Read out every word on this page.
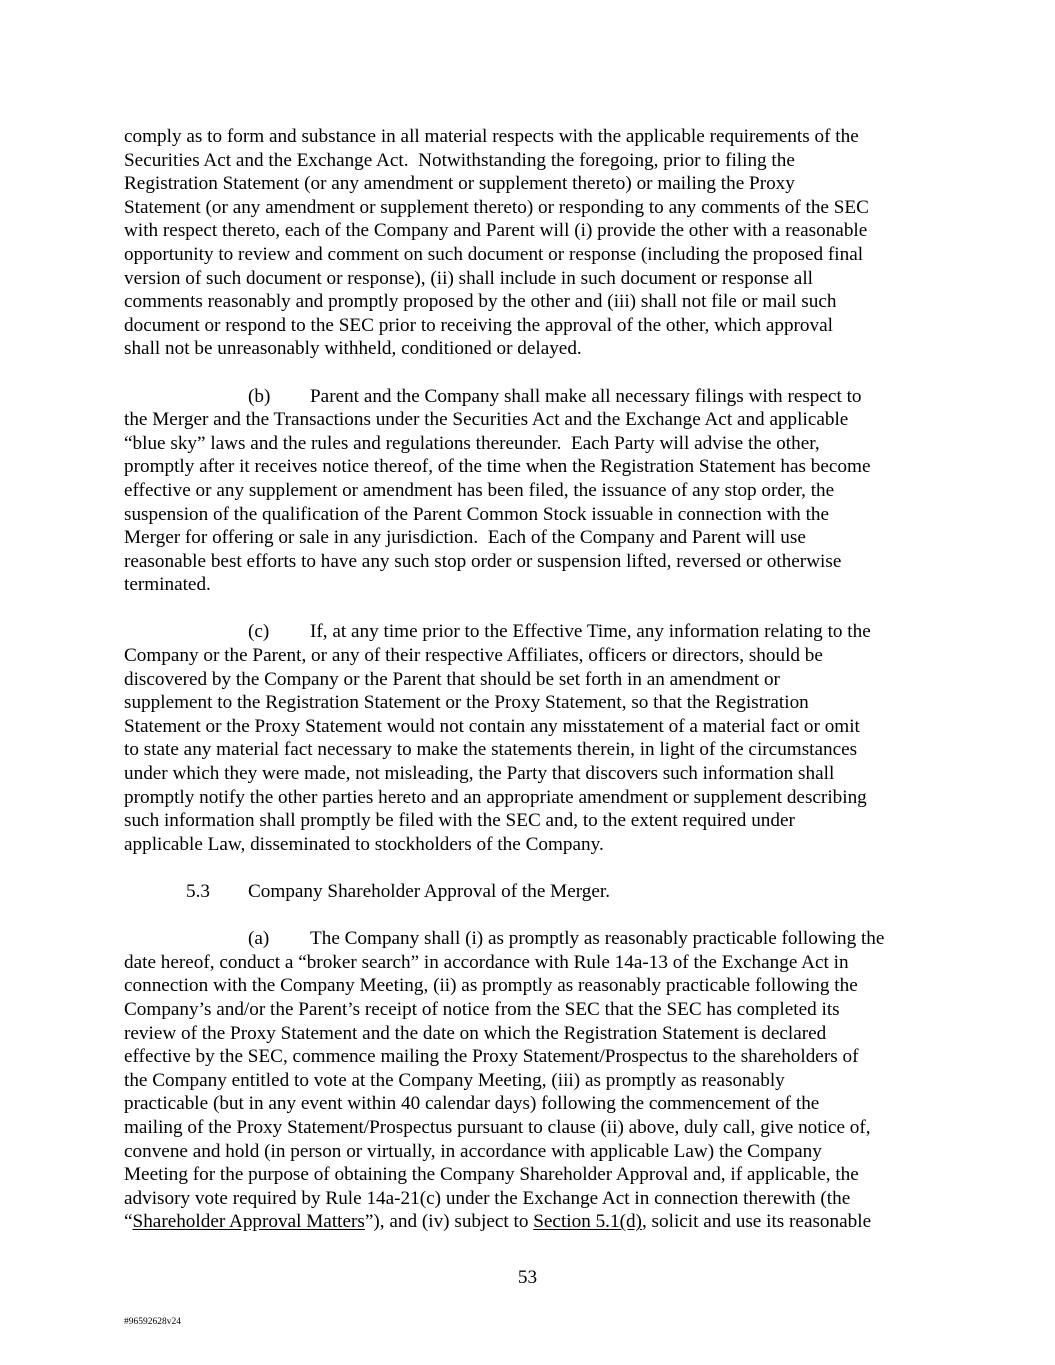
comply as to form and substance in all material respects with the applicable requirements of the
Securities Act and the Exchange Act.  Notwithstanding the foregoing, prior to filing the
Registration Statement (or any amendment or supplement thereto) or mailing the Proxy
Statement (or any amendment or supplement thereto) or responding to any comments of the SEC
with respect thereto, each of the Company and Parent will (i) provide the other with a reasonable
opportunity to review and comment on such document or response (including the proposed final
version of such document or response), (ii) shall include in such document or response all
comments reasonably and promptly proposed by the other and (iii) shall not file or mail such
document or respond to the SEC prior to receiving the approval of the other, which approval
shall not be unreasonably withheld, conditioned or delayed.

(b) Parent and the Company shall make all necessary filings with respect to
the Merger and the Transactions under the Securities Act and the Exchange Act and applicable
“blue sky” laws and the rules and regulations thereunder.  Each Party will advise the other,
promptly after it receives notice thereof, of the time when the Registration Statement has become
effective or any supplement or amendment has been filed, the issuance of any stop order, the
suspension of the qualification of the Parent Common Stock issuable in connection with the
Merger for offering or sale in any jurisdiction.  Each of the Company and Parent will use
reasonable best efforts to have any such stop order or suspension lifted, reversed or otherwise
terminated.

(c) If, at any time prior to the Effective Time, any information relating to the
Company or the Parent, or any of their respective Affiliates, officers or directors, should be
discovered by the Company or the Parent that should be set forth in an amendment or
supplement to the Registration Statement or the Proxy Statement, so that the Registration
Statement or the Proxy Statement would not contain any misstatement of a material fact or omit
to state any material fact necessary to make the statements therein, in light of the circumstances
under which they were made, not misleading, the Party that discovers such information shall
promptly notify the other parties hereto and an appropriate amendment or supplement describing
such information shall promptly be filed with the SEC and, to the extent required under
applicable Law, disseminated to stockholders of the Company.

5.3 Company Shareholder Approval of the Merger.

(a) The Company shall (i) as promptly as reasonably practicable following the
date hereof, conduct a “broker search” in accordance with Rule 14a-13 of the Exchange Act in
connection with the Company Meeting, (ii) as promptly as reasonably practicable following the
Company’s and/or the Parent’s receipt of notice from the SEC that the SEC has completed its
review of the Proxy Statement and the date on which the Registration Statement is declared
effective by the SEC, commence mailing the Proxy Statement/Prospectus to the shareholders of
the Company entitled to vote at the Company Meeting, (iii) as promptly as reasonably
practicable (but in any event within 40 calendar days) following the commencement of the
mailing of the Proxy Statement/Prospectus pursuant to clause (ii) above, duly call, give notice of,
convene and hold (in person or virtually, in accordance with applicable Law) the Company
Meeting for the purpose of obtaining the Company Shareholder Approval and, if applicable, the
advisory vote required by Rule 14a-21(c) under the Exchange Act in connection therewith (the
“Shareholder Approval Matters”), and (iv) subject to Section 5.1(d), solicit and use its reasonable

53
#96592628v24
